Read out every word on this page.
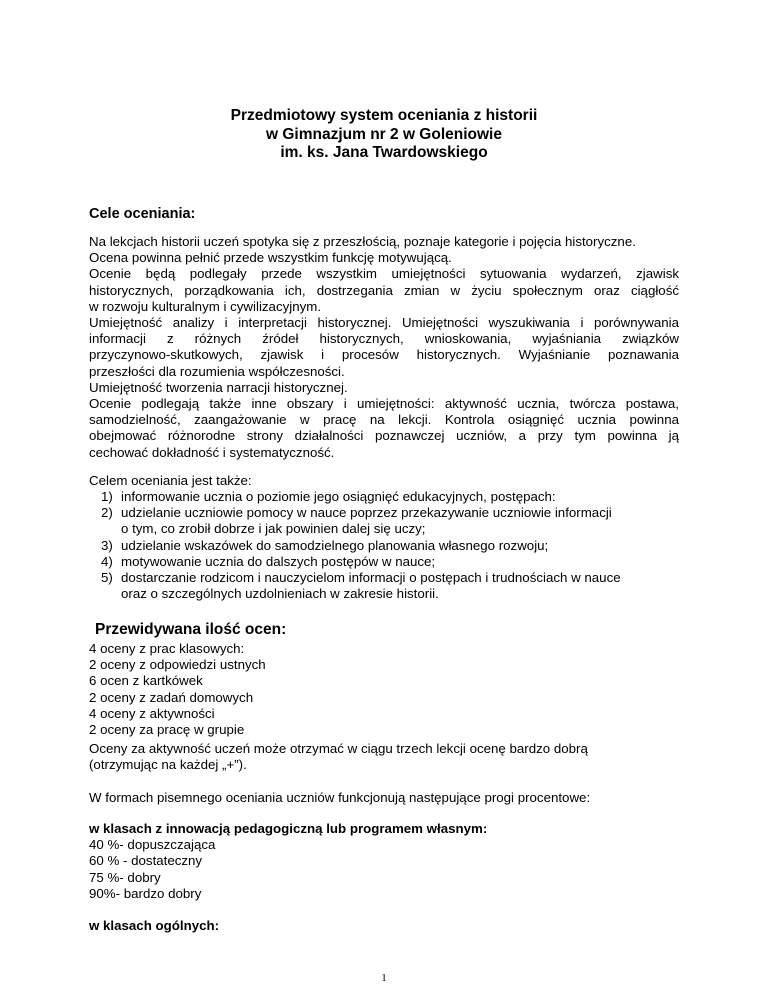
Przedmiotowy system oceniania z historii
w Gimnazjum nr 2 w Goleniowie
im. ks. Jana Twardowskiego
Cele oceniania:
Na lekcjach historii uczeń spotyka się z przeszłością, poznaje kategorie i pojęcia historyczne.
Ocena powinna pełnić przede wszystkim funkcję motywującą.
Ocenie będą podlegały przede wszystkim umiejętności sytuowania wydarzeń, zjawisk
historycznych, porządkowania ich, dostrzegania zmian w życiu społecznym oraz ciągłość
w rozwoju kulturalnym i cywilizacyjnym.
Umiejętność analizy i interpretacji historycznej. Umiejętności wyszukiwania i porównywania
informacji z różnych źródeł historycznych, wnioskowania, wyjaśniania związków
przyczynowo-skutkowych, zjawisk i procesów historycznych. Wyjaśnianie poznawania
przeszłości dla rozumienia współczesności.
Umiejętność tworzenia narracji historycznej.
Ocenie podlegają także inne obszary i umiejętności: aktywność ucznia, twórcza postawa,
samodzielność, zaangażowanie w pracę na lekcji. Kontrola osiągnięć ucznia powinna
obejmować różnorodne strony działalności poznawczej uczniów, a przy tym powinna ją
cechować dokładność i systematyczność.
Celem oceniania jest także:
1) informowanie ucznia o poziomie jego osiągnięć edukacyjnych, postępach:
2) udzielanie uczniowie pomocy w nauce poprzez przekazywanie uczniowie informacji
o tym, co zrobił dobrze i jak powinien dalej się uczy;
3) udzielanie wskazówek do samodzielnego planowania własnego rozwoju;
4) motywowanie ucznia do dalszych postępów w nauce;
5) dostarczanie rodzicom i nauczycielom informacji o postępach i trudnościach w nauce
oraz o szczególnych uzdolnieniach w zakresie historii.
Przewidywana ilość ocen:
4 oceny z prac klasowych:
2 oceny z odpowiedzi ustnych
6 ocen z kartkówek
2 oceny z zadań domowych
4 oceny z aktywności
2 oceny za pracę w grupie
Oceny za aktywność uczeń może otrzymać w ciągu trzech lekcji ocenę bardzo dobrą
(otrzymując na każdej „+”).
W formach pisemnego oceniania uczniów funkcjonują następujące progi procentowe:
w klasach z innowacją pedagogiczną lub programem własnym:
40 %- dopuszczająca
60 % - dostateczny
75 %- dobry
90%- bardzo dobry
w klasach ogólnych:
1
